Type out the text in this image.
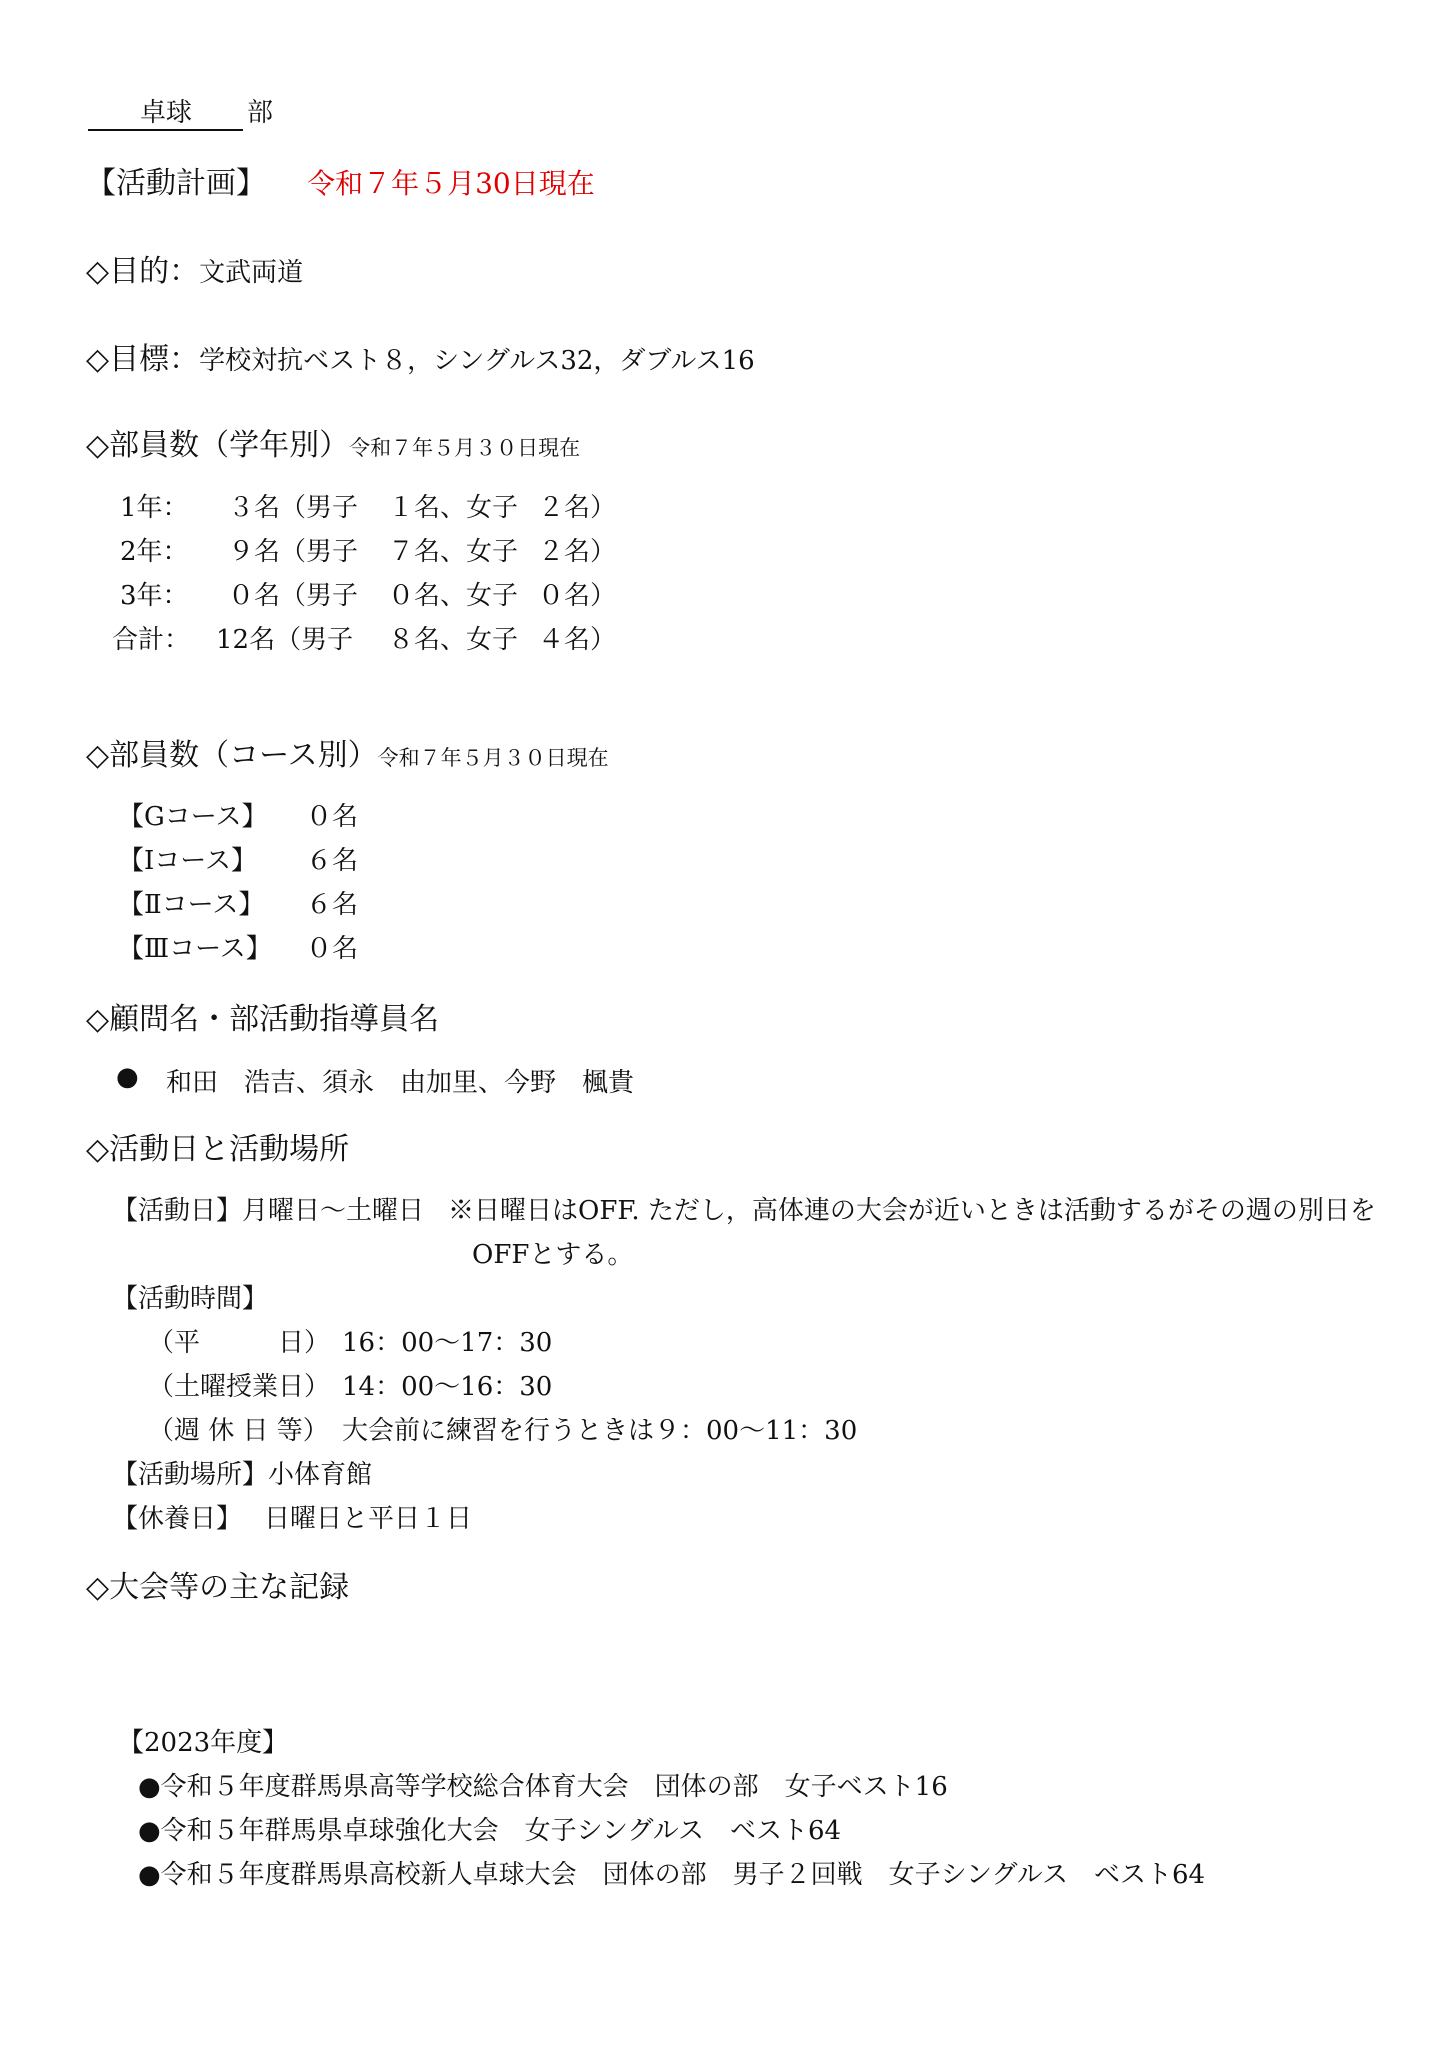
卓球 部
【活動計画】 令和７年５月30日現在
◇目的：文武両道
◇目標：学校対抗ベスト８，シングルス32，ダブルス16
◇部員数（学年別）令和７年５月３０日現在
1年： ３名（男子 １名、女子 ２名）
2年： ９名（男子 ７名、女子 ２名）
3年： ０名（男子 ０名、女子 ０名）
合計： 12名（男子 ８名、女子 ４名）
◇部員数（コース別）令和７年５月３０日現在
【Gコース】 ０名
【Ⅰコース】 ６名
【Ⅱコース】 ６名
【Ⅲコース】 ０名
◇顧問名・部活動指導員名
● 和田　浩吉、須永　由加里、今野　楓貴
◇活動日と活動場所
【活動日】月曜日～土曜日 ※日曜日はOFF. ただし，高体連の大会が近いときは活動するがその週の別日を
OFFとする。
【活動時間】
（平　　　日） 16：00～17：30
（土曜授業日） 14：00～16：30
（週 休 日 等） 大会前に練習を行うときは９：00～11：30
【活動場所】小体育館
【休養日】 日曜日と平日１日
◇大会等の主な記録
【2023年度】
●令和５年度群馬県高等学校総合体育大会　団体の部　女子ベスト16
●令和５年群馬県卓球強化大会　女子シングルス　ベスト64
●令和５年度群馬県高校新人卓球大会　団体の部　男子２回戦　女子シングルス　ベスト64
